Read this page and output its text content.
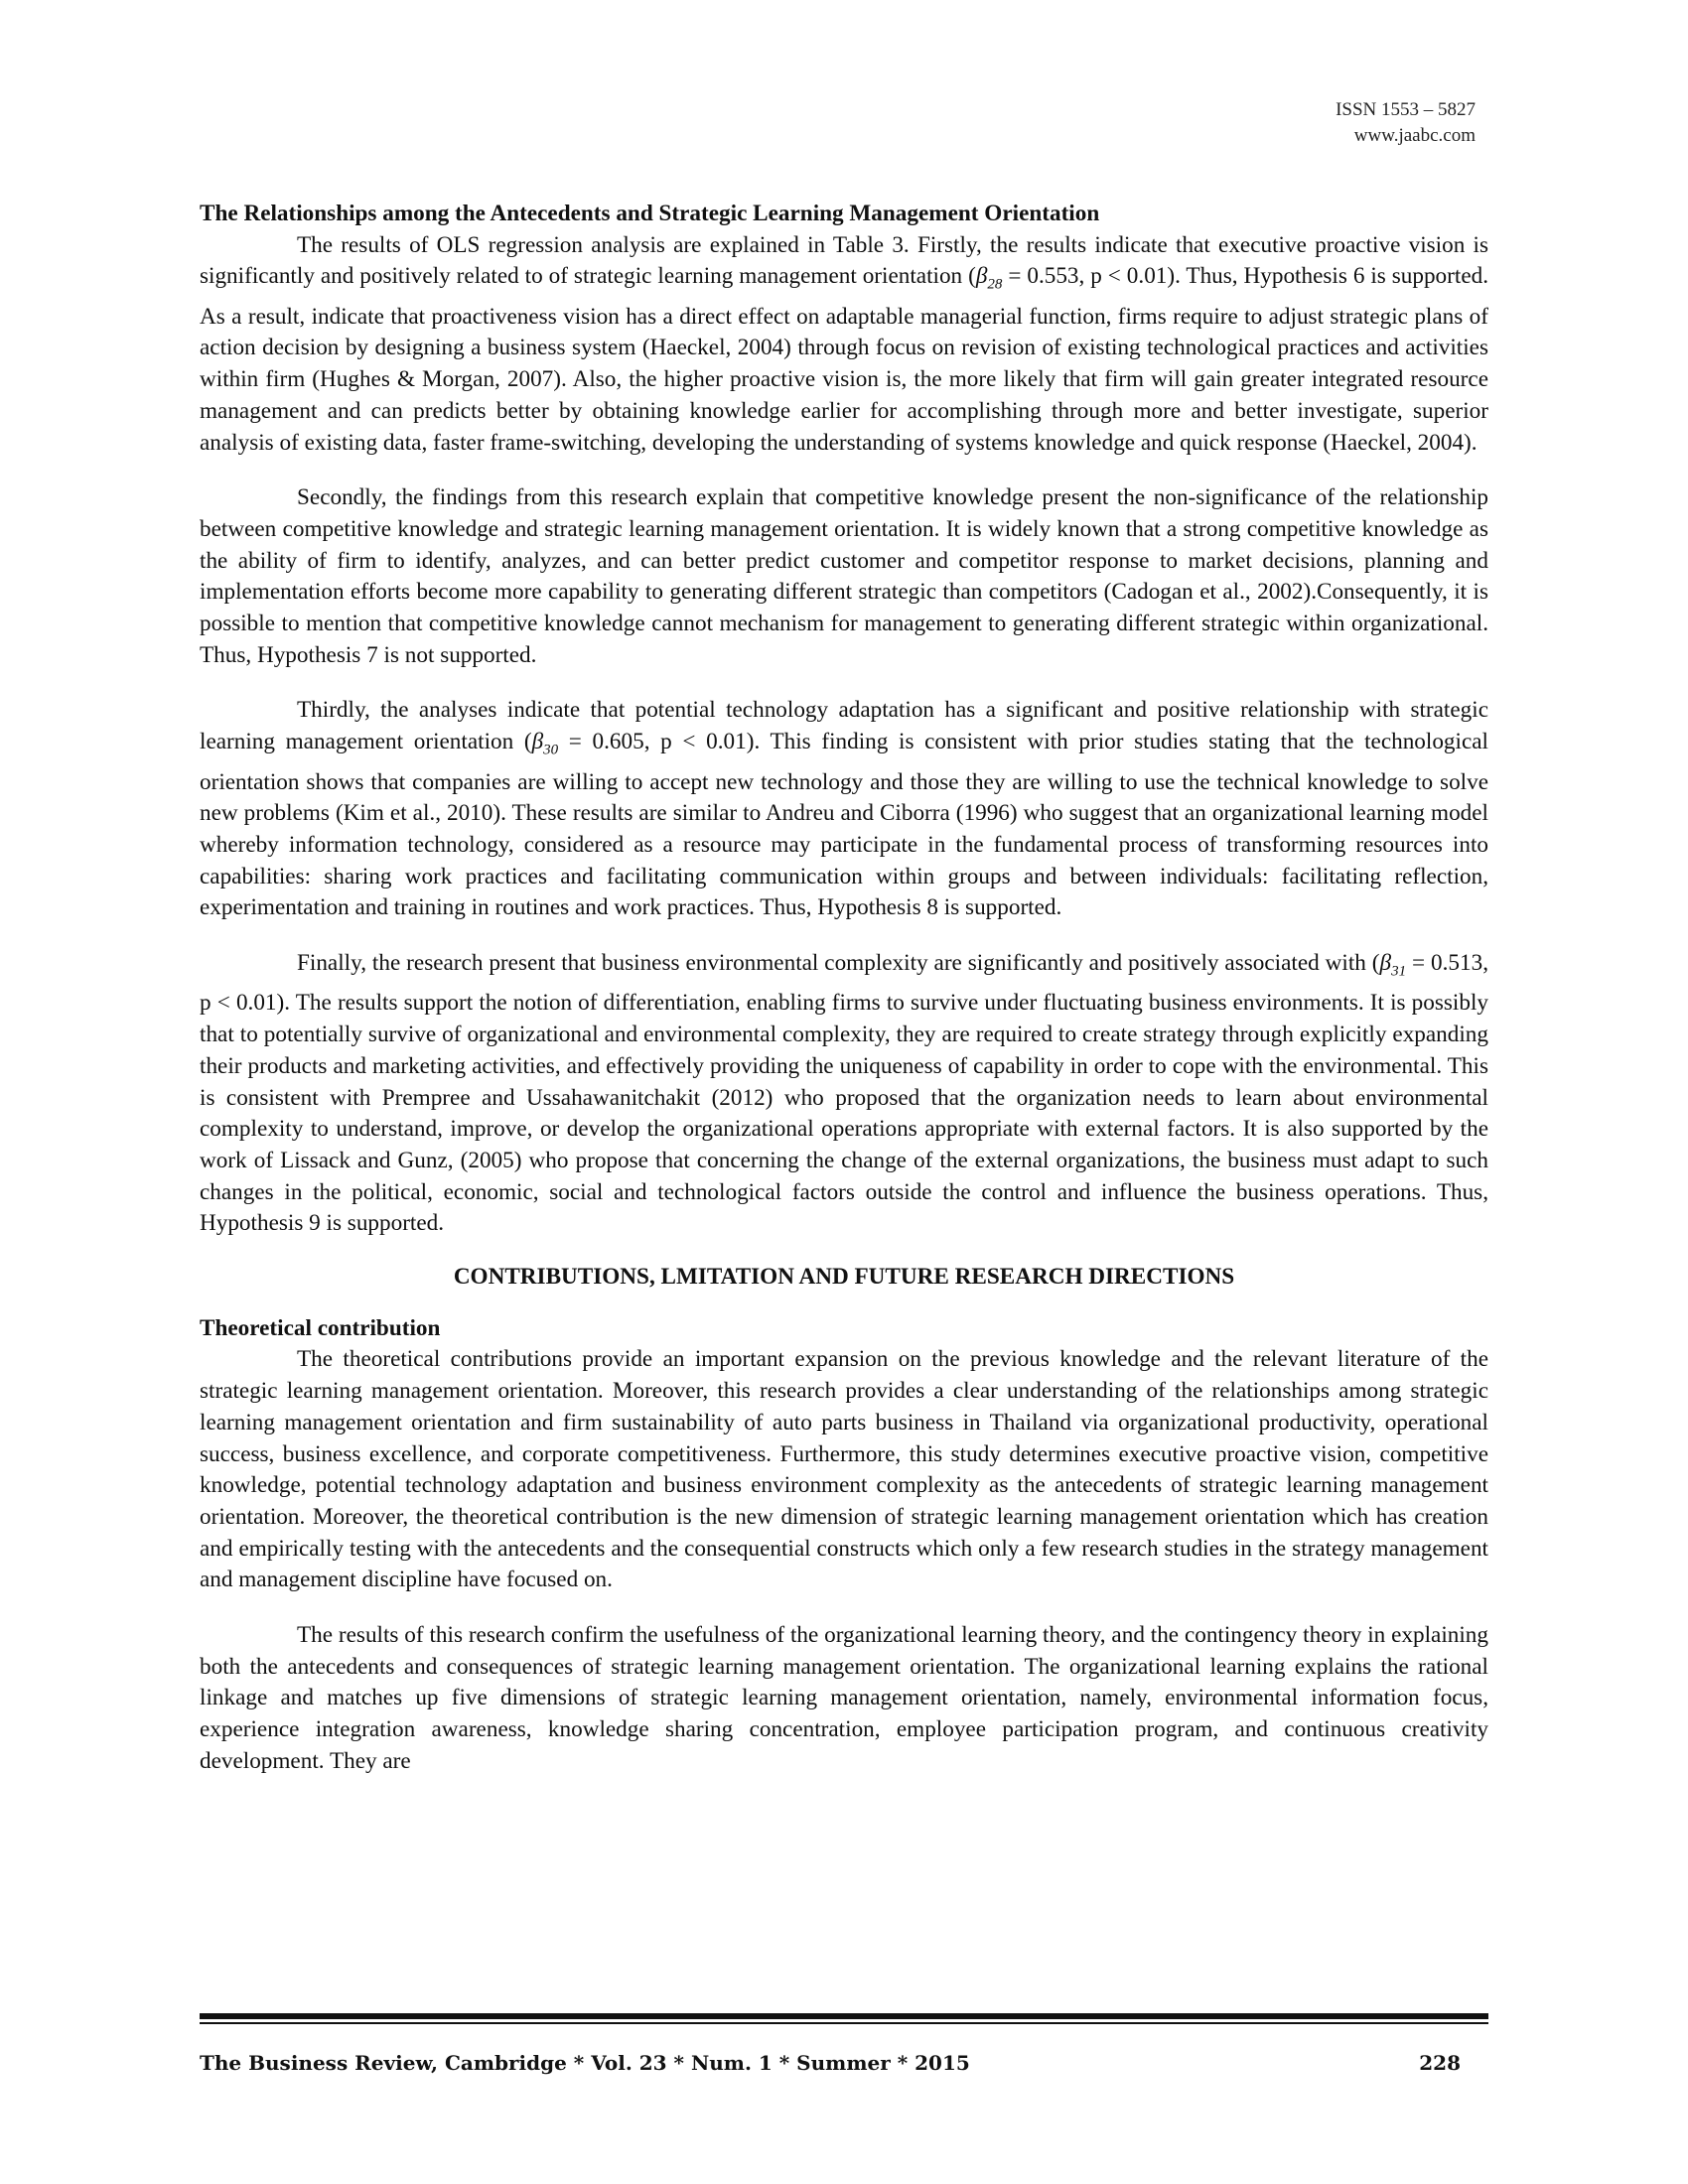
ISSN 1553 – 5827
www.jaabc.com

The Relationships among the Antecedents and Strategic Learning Management Orientation

The results of OLS regression analysis are explained in Table 3. Firstly, the results indicate that executive proactive vision is significantly and positively related to of strategic learning management orientation ($\beta_{28} = 0.553$, p < 0.01). Thus, Hypothesis 6 is supported. As a result, indicate that proactiveness vision has a direct effect on adaptable managerial function, firms require to adjust strategic plans of action decision by designing a business system (Haeckel, 2004) through focus on revision of existing technological practices and activities within firm (Hughes & Morgan, 2007). Also, the higher proactive vision is, the more likely that firm will gain greater integrated resource management and can predicts better by obtaining knowledge earlier for accomplishing through more and better investigate, superior analysis of existing data, faster frame-switching, developing the understanding of systems knowledge and quick response (Haeckel, 2004).

Secondly, the findings from this research explain that competitive knowledge present the non-significance of the relationship between competitive knowledge and strategic learning management orientation. It is widely known that a strong competitive knowledge as the ability of firm to identify, analyzes, and can better predict customer and competitor response to market decisions, planning and implementation efforts become more capability to generating different strategic than competitors (Cadogan et al., 2002).Consequently, it is possible to mention that competitive knowledge cannot mechanism for management to generating different strategic within organizational. Thus, Hypothesis 7 is not supported.

Thirdly, the analyses indicate that potential technology adaptation has a significant and positive relationship with strategic learning management orientation ($\beta_{30} = 0.605$, p < 0.01). This finding is consistent with prior studies stating that the technological orientation shows that companies are willing to accept new technology and those they are willing to use the technical knowledge to solve new problems (Kim et al., 2010). These results are similar to Andreu and Ciborra (1996) who suggest that an organizational learning model whereby information technology, considered as a resource may participate in the fundamental process of transforming resources into capabilities: sharing work practices and facilitating communication within groups and between individuals: facilitating reflection, experimentation and training in routines and work practices. Thus, Hypothesis 8 is supported.

Finally, the research present that business environmental complexity are significantly and positively associated with ($\beta_{31} = 0.513$, p < 0.01). The results support the notion of differentiation, enabling firms to survive under fluctuating business environments. It is possibly that to potentially survive of organizational and environmental complexity, they are required to create strategy through explicitly expanding their products and marketing activities, and effectively providing the uniqueness of capability in order to cope with the environmental. This is consistent with Prempree and Ussahawanitchakit (2012) who proposed that the organization needs to learn about environmental complexity to understand, improve, or develop the organizational operations appropriate with external factors. It is also supported by the work of Lissack and Gunz, (2005) who propose that concerning the change of the external organizations, the business must adapt to such changes in the political, economic, social and technological factors outside the control and influence the business operations. Thus, Hypothesis 9 is supported.

CONTRIBUTIONS, LMITATION AND FUTURE RESEARCH DIRECTIONS

Theoretical contribution

The theoretical contributions provide an important expansion on the previous knowledge and the relevant literature of the strategic learning management orientation. Moreover, this research provides a clear understanding of the relationships among strategic learning management orientation and firm sustainability of auto parts business in Thailand via organizational productivity, operational success, business excellence, and corporate competitiveness. Furthermore, this study determines executive proactive vision, competitive knowledge, potential technology adaptation and business environment complexity as the antecedents of strategic learning management orientation. Moreover, the theoretical contribution is the new dimension of strategic learning management orientation which has creation and empirically testing with the antecedents and the consequential constructs which only a few research studies in the strategy management and management discipline have focused on.

The results of this research confirm the usefulness of the organizational learning theory, and the contingency theory in explaining both the antecedents and consequences of strategic learning management orientation. The organizational learning explains the rational linkage and matches up five dimensions of strategic learning management orientation, namely, environmental information focus, experience integration awareness, knowledge sharing concentration, employee participation program, and continuous creativity development. They are

The Business Review, Cambridge * Vol. 23 * Num. 1 * Summer * 2015	228
